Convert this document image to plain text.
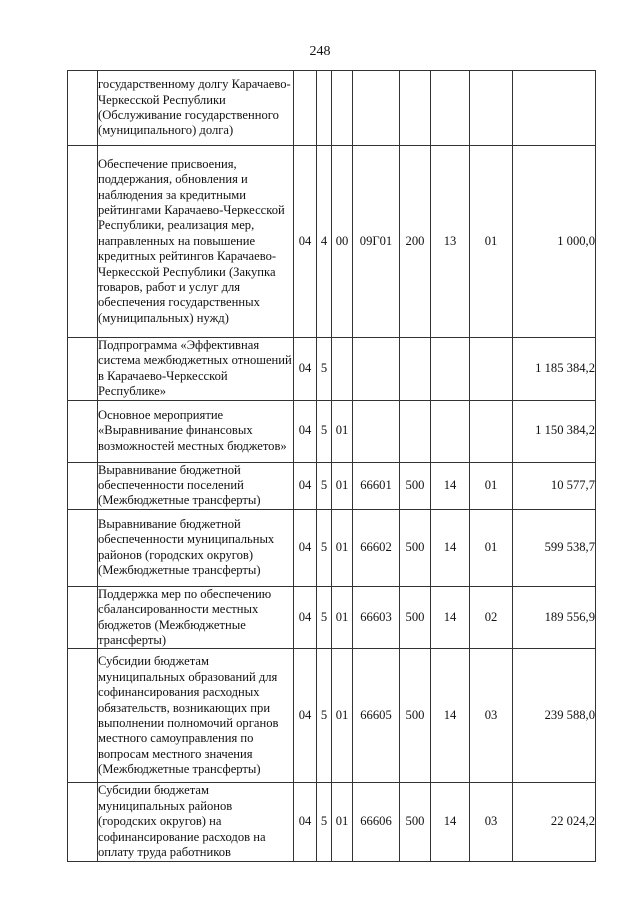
248
	государственному долгу Карачаево-Черкесской Республики (Обслуживание государственного (муниципального) долга)								
	Обеспечение присвоения, поддержания, обновления и наблюдения за кредитными рейтингами Карачаево-Черкесской Республики, реализация мер, направленных на повышение кредитных рейтингов Карачаево-Черкесской Республики (Закупка товаров, работ и услуг для обеспечения государственных (муниципальных) нужд)	04	4	00	09Г01	200	13	01	1 000,0
	Подпрограмма «Эффективная система межбюджетных отношений в Карачаево-Черкесской Республике»	04	5						1 185 384,2
	Основное мероприятие «Выравнивание финансовых возможностей местных бюджетов»	04	5	01					1 150 384,2
	Выравнивание бюджетной обеспеченности поселений (Межбюджетные трансферты)	04	5	01	66601	500	14	01	10 577,7
	Выравнивание бюджетной обеспеченности муниципальных районов (городских округов) (Межбюджетные трансферты)	04	5	01	66602	500	14	01	599 538,7
	Поддержка мер по обеспечению сбалансированности местных бюджетов (Межбюджетные трансферты)	04	5	01	66603	500	14	02	189 556,9
	Субсидии бюджетам муниципальных образований для софинансирования расходных обязательств, возникающих при выполнении полномочий органов местного самоуправления по вопросам местного значения (Межбюджетные трансферты)	04	5	01	66605	500	14	03	239 588,0
	Субсидии бюджетам муниципальных районов (городских округов) на софинансирование расходов на оплату труда работников	04	5	01	66606	500	14	03	22 024,2
